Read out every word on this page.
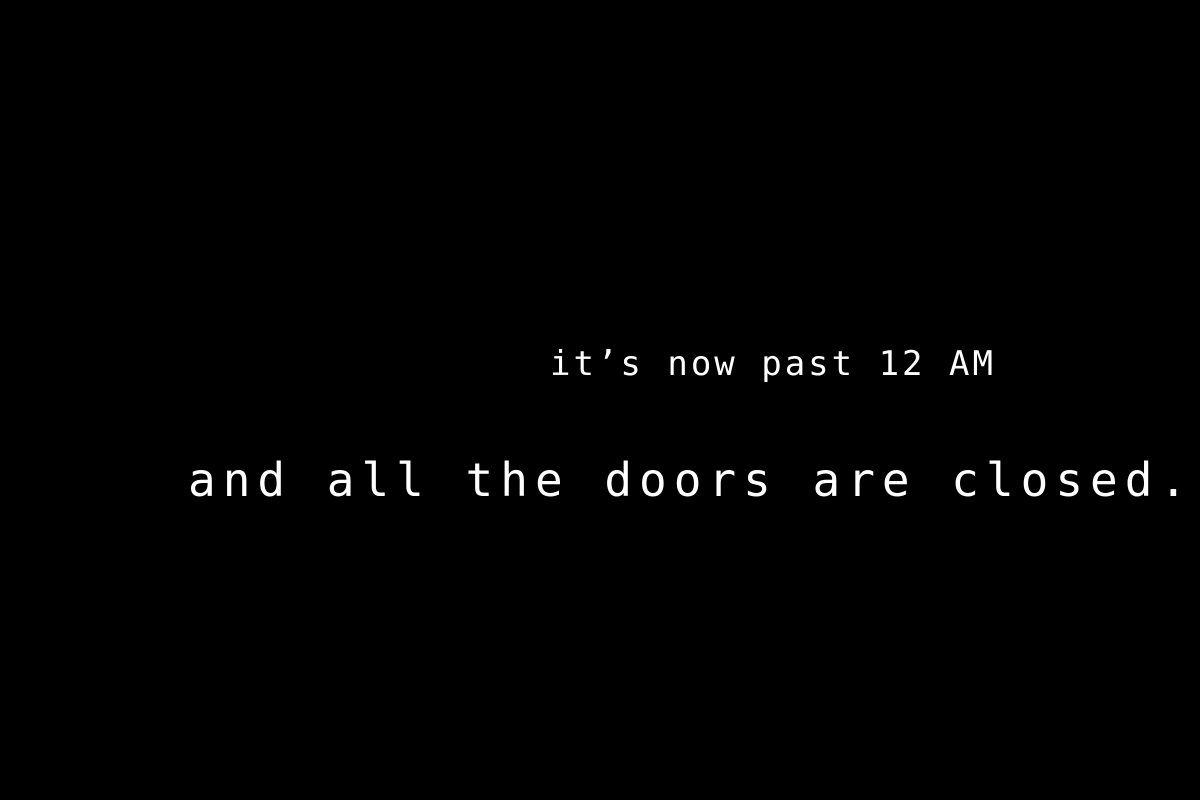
it’s now past 12 AM
and all the doors are closed.
